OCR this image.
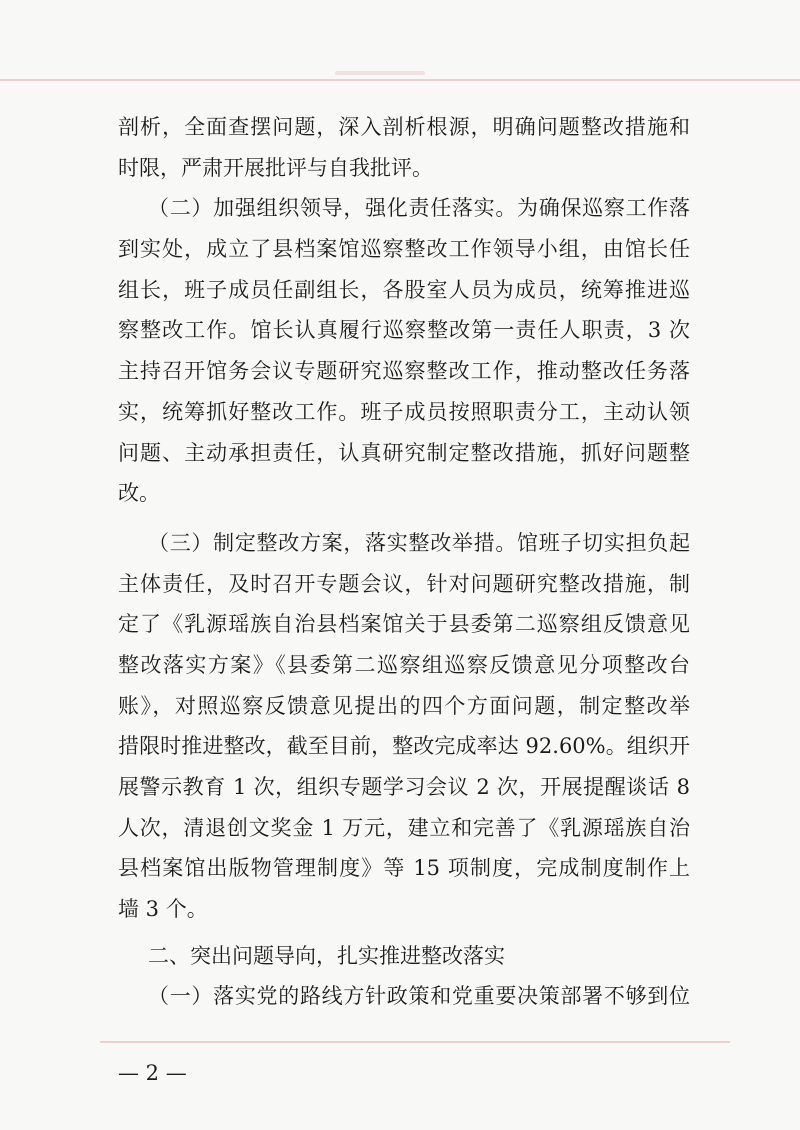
剖析，全面查摆问题，深入剖析根源，明确问题整改措施和
时限，严肃开展批评与自我批评。
（二）加强组织领导，强化责任落实。为确保巡察工作落
到实处，成立了县档案馆巡察整改工作领导小组，由馆长任
组长，班子成员任副组长，各股室人员为成员，统筹推进巡
察整改工作。馆长认真履行巡察整改第一责任人职责，3 次
主持召开馆务会议专题研究巡察整改工作，推动整改任务落
实，统筹抓好整改工作。班子成员按照职责分工，主动认领
问题、主动承担责任，认真研究制定整改措施，抓好问题整
改。
（三）制定整改方案，落实整改举措。馆班子切实担负起
主体责任，及时召开专题会议，针对问题研究整改措施，制
定了《乳源瑶族自治县档案馆关于县委第二巡察组反馈意见
整改落实方案》《县委第二巡察组巡察反馈意见分项整改台
账》，对照巡察反馈意见提出的四个方面问题，制定整改举
措限时推进整改，截至目前，整改完成率达 92.60%。组织开
展警示教育 1 次，组织专题学习会议 2 次，开展提醒谈话 8
人次，清退创文奖金 1 万元，建立和完善了《乳源瑶族自治
县档案馆出版物管理制度》等 15 项制度，完成制度制作上
墙 3 个。
二、突出问题导向，扎实推进整改落实
（一）落实党的路线方针政策和党重要决策部署不够到位
— 2 —
